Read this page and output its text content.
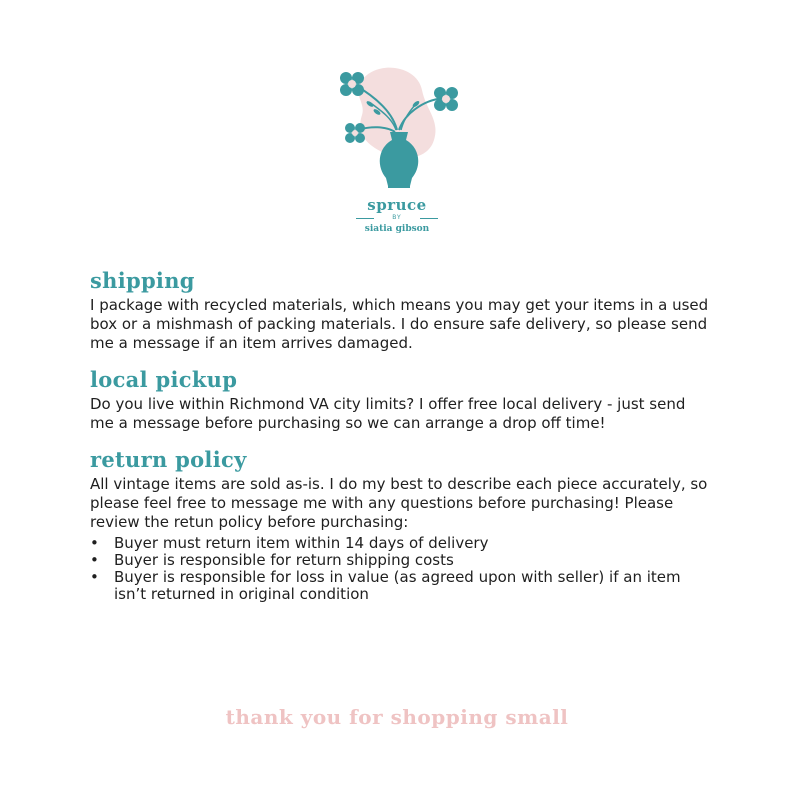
spruce
BY
siatia gibson
shipping

I package with recycled materials, which means you may get your items in a used box or a mishmash of packing materials. I do ensure safe delivery, so please send me a message if an item arrives damaged.

local pickup

Do you live within Richmond VA city limits? I offer free local delivery - just send me a message before purchasing so we can arrange a drop off time!

return policy

All vintage items are sold as-is. I do my best to describe each piece accurately, so please feel free to message me with any questions before purchasing! Please review the retun policy before purchasing:

• Buyer must return item within 14 days of delivery
• Buyer is responsible for return shipping costs
• Buyer is responsible for loss in value (as agreed upon with seller) if an item isn’t returned in original condition
thank you for shopping small
